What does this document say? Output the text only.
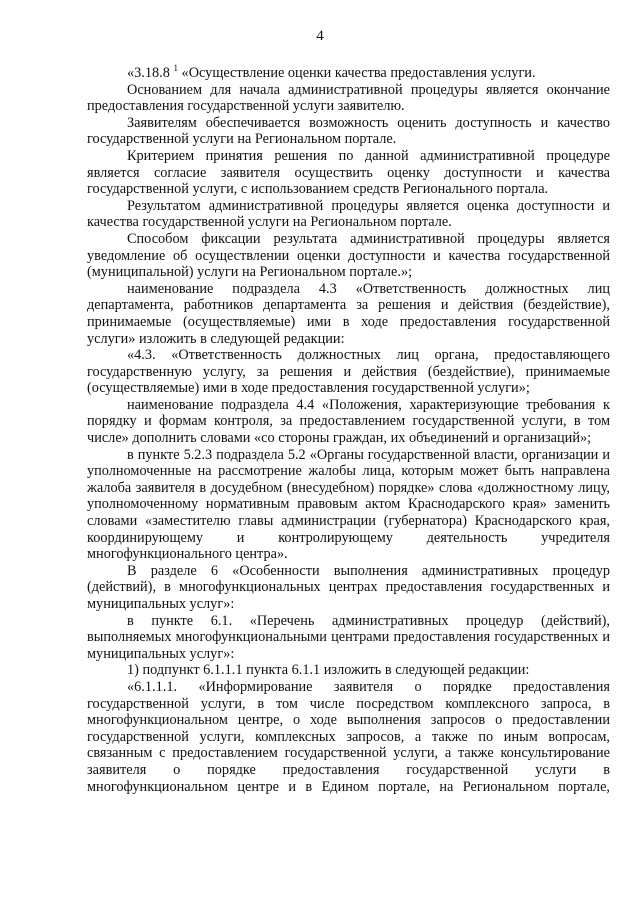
4

«3.18.8 $^1$ «Осуществление оценки качества предоставления услуги.

Основанием для начала административной процедуры является окончание предоставления государственной услуги заявителю.

Заявителям обеспечивается возможность оценить доступность и качество государственной услуги на Региональном портале.

Критерием принятия решения по данной административной процедуре является согласие заявителя осуществить оценку доступности и качества государственной услуги, с использованием средств Регионального портала.

Результатом административной процедуры является оценка доступности и качества государственной услуги на Региональном портале.

Способом фиксации результата административной процедуры является уведомление об осуществлении оценки доступности и качества государственной (муниципальной) услуги на Региональном портале.»;

наименование подраздела 4.3 «Ответственность должностных лиц департамента, работников департамента за решения и действия (бездействие), принимаемые (осуществляемые) ими в ходе предоставления государственной услуги» изложить в следующей редакции:

«4.3. «Ответственность должностных лиц органа, предоставляющего государственную услугу, за решения и действия (бездействие), принимаемые (осуществляемые) ими в ходе предоставления государственной услуги»;

наименование подраздела 4.4 «Положения, характеризующие требования к порядку и формам контроля, за предоставлением государственной услуги, в том числе» дополнить словами «со стороны граждан, их объединений и организаций»;

в пункте 5.2.3 подраздела 5.2 «Органы государственной власти, организации и уполномоченные на рассмотрение жалобы лица, которым может быть направлена жалоба заявителя в досудебном (внесудебном) порядке» слова «должностному лицу, уполномоченному нормативным правовым актом Краснодарского края» заменить словами «заместителю главы администрации (губернатора) Краснодарского края, координирующему и контролирующему деятельность учредителя многофункционального центра».

В разделе 6 «Особенности выполнения административных процедур (действий), в многофункциональных центрах предоставления государственных и муниципальных услуг»:

в пункте 6.1. «Перечень административных процедур (действий), выполняемых многофункциональными центрами предоставления государственных и муниципальных услуг»:

1) подпункт 6.1.1.1 пункта 6.1.1 изложить в следующей редакции:

«6.1.1.1. «Информирование заявителя о порядке предоставления государственной услуги, в том числе посредством комплексного запроса, в многофункциональном центре, о ходе выполнения запросов о предоставлении государственной услуги, комплексных запросов, а также по иным вопросам, связанным с предоставлением государственной услуги, а также консультирование заявителя о порядке предоставления государственной услуги в многофункциональном центре и в Едином портале, на Региональном портале,
